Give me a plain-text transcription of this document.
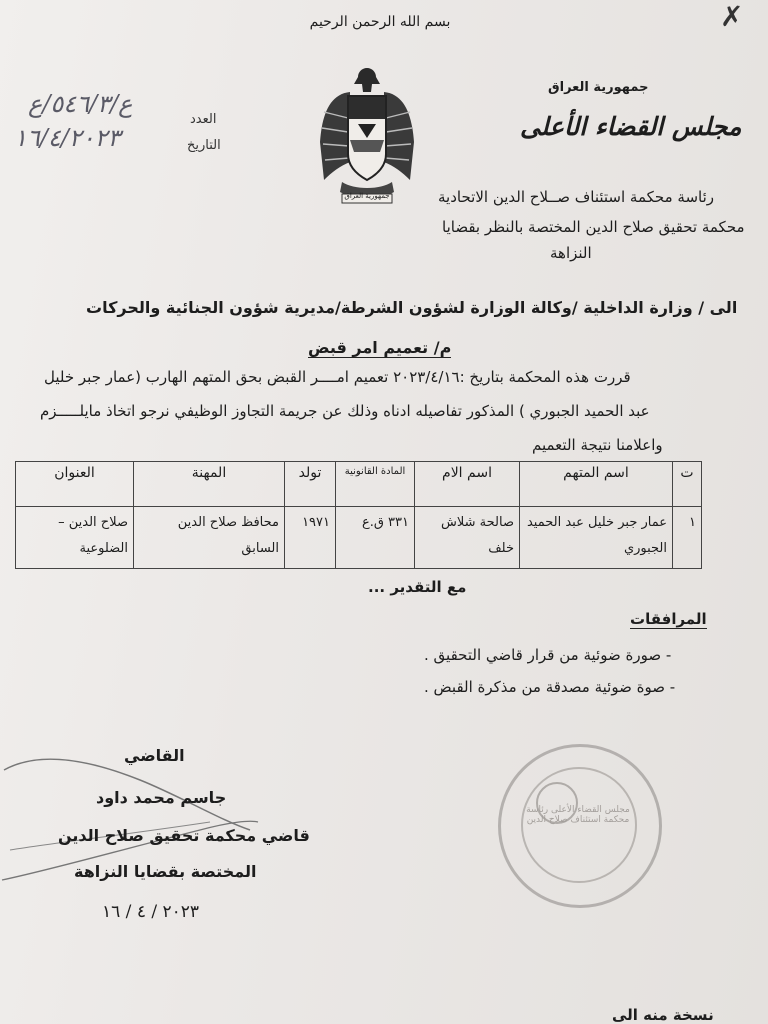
بسم الله الرحمن الرحيم	✗
العدد
ع/٥٤٦/٣/ع
التاريخ
١٦/٤/٢٠٢٣
جمهورية العراق
جمهورية العراق
مجلس القضاء الأعلى
رئاسة محكمة استئناف صــلاح الدين الاتحادية
محكمة تحقيق صلاح الدين المختصة بالنظر بقضايا
النزاهة
الى / وزارة الداخلية /وكالة الوزارة لشؤون الشرطة/مديرية شؤون الجنائية والحركات
م/ تعميم امر قبض
قررت هذه المحكمة بتاريخ :٢٠٢٣/٤/١٦ تعميم امــــر القبض بحق المتهم الهارب (عمار جبر خليل
عبد الحميد الجبوري ) المذكور تفاصيله ادناه وذلك عن جريمة التجاوز الوظيفي نرجو اتخاذ مايلـــــزم
واعلامنا نتيجة التعميم
ت	اسم المتهم	اسم الام	المادة القانونية	تولد	المهنة	العنوان
١	عمار جبر خليل عبد الحميد الجبوري	صالحة شلاش خلف	٣٣١ ق.ع	١٩٧١	محافظ صلاح الدين السابق	صلاح الدين – الضلوعية
مع التقدير ...
المرافقات
- صورة ضوئية من قرار قاضي التحقيق .
- صوة ضوئية مصدقة من مذكرة القبض .
القاضي
جاسم محمد داود
قاضي محكمة تحقيق صلاح الدين
المختصة بقضايا النزاهة
٢٠٢٣ / ٤ / ١٦
مجلس القضاء الأعلى رئاسة محكمة استئناف صلاح الدين
نسخة منه الى
